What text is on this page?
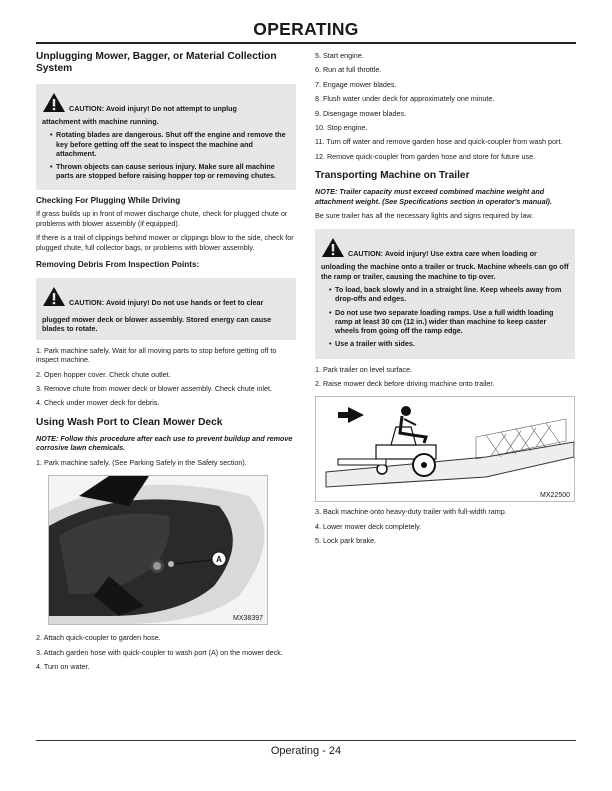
OPERATING
Unplugging Mower, Bagger, or Material Collection System
CAUTION: Avoid injury! Do not attempt to unplug
attachment with machine running.
• Rotating blades are dangerous. Shut off the engine and remove the key before getting off the seat to inspect the machine and attachment.
• Thrown objects can cause serious injury. Make sure all machine parts are stopped before raising hopper top or removing chutes.
Checking For Plugging While Driving

If grass builds up in front of mower discharge chute, check for plugged chute or problems with blower assembly (if equipped).

If there is a trail of clippings behind mower or clippings blow to the side, check for plugged chute, full collector bags, or problems with blower assembly.

Removing Debris From Inspection Points:
CAUTION: Avoid injury! Do not use hands or feet to clear
plugged mower deck or blower assembly. Stored energy can cause blades to rotate.
1. Park machine safely. Wait for all moving parts to stop before getting off to inspect machine.
2. Open hopper cover. Check chute outlet.
3. Remove chute from mower deck or blower assembly. Check chute inlet.
4. Check under mower deck for debris.
Using Wash Port to Clean Mower Deck

NOTE: Follow this procedure after each use to prevent buildup and remove corrosive lawn chemicals.

1. Park machine safely. (See Parking Safely in the Safety section).
A
MX38397
2. Attach quick-coupler to garden hose.
3. Attach garden hose with quick-coupler to wash port (A) on the mower deck.
4. Turn on water.
5. Start engine.
6. Run at full throttle.
7. Engage mower blades.
8. Flush water under deck for approximately one minute.
9. Disengage mower blades.
10. Stop engine.
11. Turn off water and remove garden hose and quick-coupler from wash port.
12. Remove quick-coupler from garden hose and store for future use.
Transporting Machine on Trailer

NOTE: Trailer capacity must exceed combined machine weight and attachment weight. (See Specifications section in operator's manual).

Be sure trailer has all the necessary lights and signs required by law.

CAUTION: Avoid injury! Use extra care when loading or
unloading the machine onto a trailer or truck. Machine wheels can go off the ramp or trailer, causing the machine to tip over.
• To load, back slowly and in a straight line. Keep wheels away from drop-offs and edges.
• Do not use two separate loading ramps. Use a full width loading ramp at least 30 cm (12 in.) wider than machine to keep caster wheels from going off the ramp edge.
• Use a trailer with sides.
1. Park trailer on level surface.
2. Raise mower deck before driving machine onto trailer.
MX22500
3. Back machine onto heavy-duty trailer with full-width ramp.
4. Lower mower deck completely.
5. Lock park brake.
Operating - 24
